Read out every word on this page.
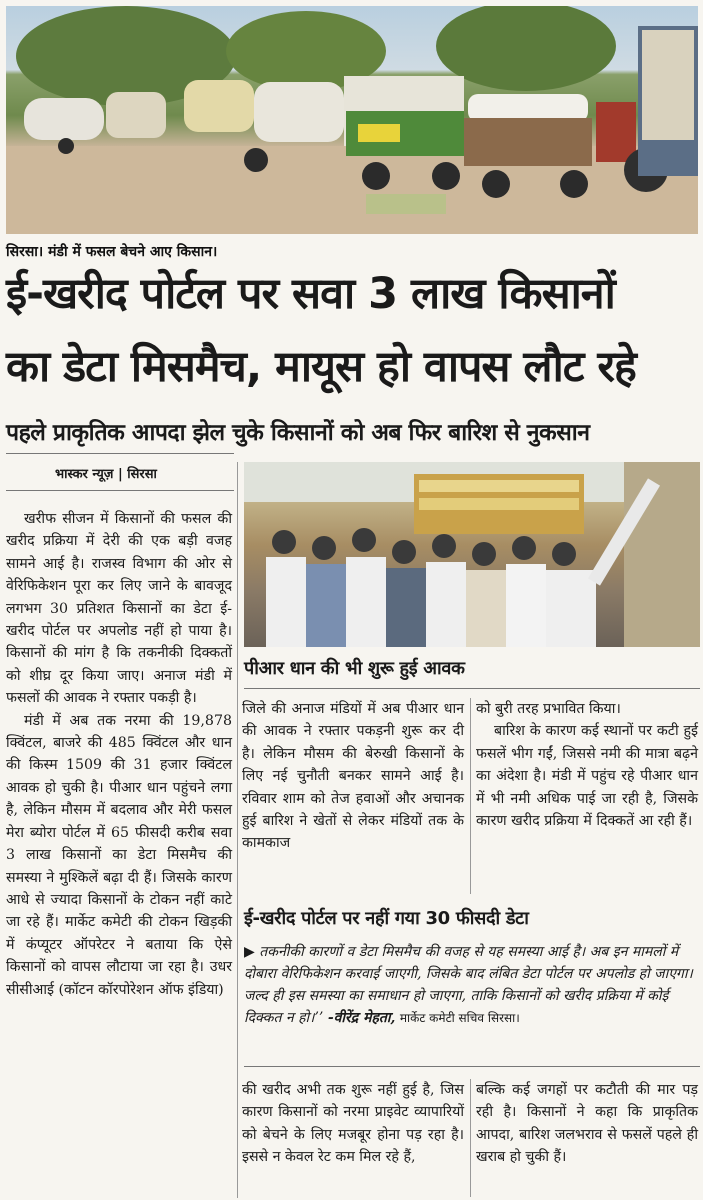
सिरसा। मंडी में फसल बेचने आए किसान।
ई-खरीद पोर्टल पर सवा 3 लाख किसानों
का डेटा मिसमैच, मायूस हो वापस लौट रहे
पहले प्राकृतिक आपदा झेल चुके किसानों को अब फिर बारिश से नुकसान
भास्कर न्यूज़ | सिरसा

खरीफ सीजन में किसानों की फसल की खरीद प्रक्रिया में देरी की एक बड़ी वजह सामने आई है। राजस्व विभाग की ओर से वेरिफिकेशन पूरा कर लिए जाने के बावजूद लगभग 30 प्रतिशत किसानों का डेटा ई-खरीद पोर्टल पर अपलोड नहीं हो पाया है। किसानों की मांग है कि तकनीकी दिक्कतों को शीघ्र दूर किया जाए। अनाज मंडी में फसलों की आवक ने रफ्तार पकड़ी है।

मंडी में अब तक नरमा की 19,878 क्विंटल, बाजरे की 485 क्विंटल और धान की किस्म 1509 की 31 हजार क्विंटल आवक हो चुकी है। पीआर धान पहुंचने लगा है, लेकिन मौसम में बदलाव और मेरी फसल मेरा ब्योरा पोर्टल में 65 फीसदी करीब सवा 3 लाख किसानों का डेटा मिसमैच की समस्या ने मुश्किलें बढ़ा दी हैं। जिसके कारण आधे से ज्यादा किसानों के टोकन नहीं काटे जा रहे हैं। मार्केट कमेटी की टोकन खिड़की में कंप्यूटर ऑपरेटर ने बताया कि ऐसे किसानों को वापस लौटाया जा रहा है। उधर सीसीआई (कॉटन कॉरपोरेशन ऑफ इंडिया)

पीआर धान की भी शुरू हुई आवक

जिले की अनाज मंडियों में अब पीआर धान की आवक ने रफ्तार पकड़नी शुरू कर दी है। लेकिन मौसम की बेरुखी किसानों के लिए नई चुनौती बनकर सामने आई है। रविवार शाम को तेज हवाओं और अचानक हुई बारिश ने खेतों से लेकर मंडियों तक के कामकाज

को बुरी तरह प्रभावित किया।

बारिश के कारण कई स्थानों पर कटी हुई फसलें भीग गईं, जिससे नमी की मात्रा बढ़ने का अंदेशा है। मंडी में पहुंच रहे पीआर धान में भी नमी अधिक पाई जा रही है, जिसके कारण खरीद प्रक्रिया में दिक्कतें आ रही हैं।

ई-खरीद पोर्टल पर नहीं गया 30 फीसदी डेटा
▶ तकनीकी कारणों व डेटा मिसमैच की वजह से यह समस्या आई है। अब इन मामलों में दोबारा वेरिफिकेशन करवाई जाएगी, जिसके बाद लंबित डेटा पोर्टल पर अपलोड हो जाएगा। जल्द ही इस समस्या का समाधान हो जाएगा, ताकि किसानों को खरीद प्रक्रिया में कोई दिक्कत न हो।’’ -वीरेंद्र मेहता, मार्केट कमेटी सचिव सिरसा।

की खरीद अभी तक शुरू नहीं हुई है, जिस कारण किसानों को नरमा प्राइवेट व्यापारियों को बेचने के लिए मजबूर होना पड़ रहा है। इससे न केवल रेट कम मिल रहे हैं,

बल्कि कई जगहों पर कटौती की मार पड़ रही है। किसानों ने कहा कि प्राकृतिक आपदा, बारिश जलभराव से फसलें पहले ही खराब हो चुकी हैं।
